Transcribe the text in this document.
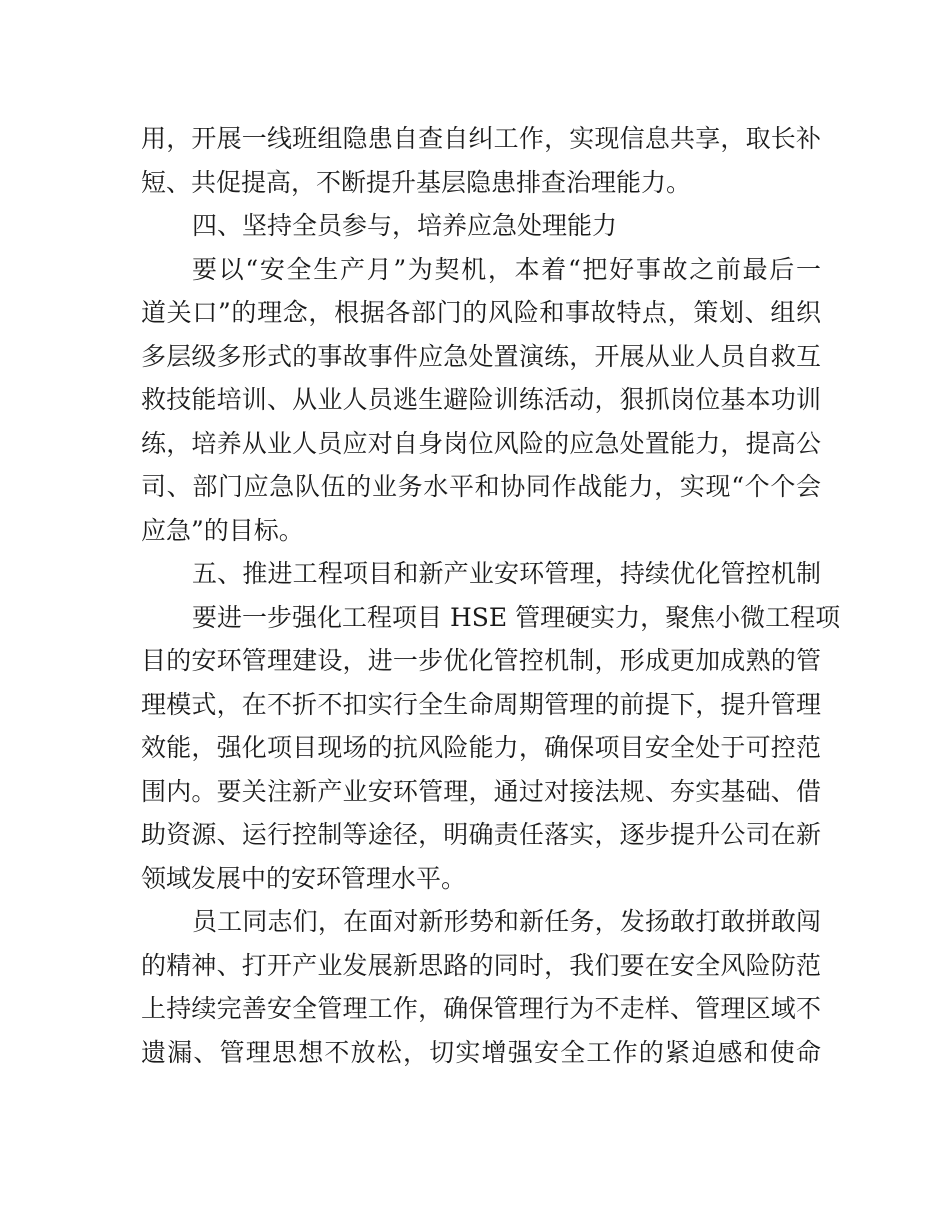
用，开展一线班组隐患自查自纠工作，实现信息共享，取长补
短、共促提高，不断提升基层隐患排查治理能力。
四、坚持全员参与，培养应急处理能力
要以“安全生产月”为契机，本着“把好事故之前最后一
道关口”的理念，根据各部门的风险和事故特点，策划、组织
多层级多形式的事故事件应急处置演练，开展从业人员自救互
救技能培训、从业人员逃生避险训练活动，狠抓岗位基本功训
练，培养从业人员应对自身岗位风险的应急处置能力，提高公
司、部门应急队伍的业务水平和协同作战能力，实现“个个会
应急”的目标。
五、推进工程项目和新产业安环管理，持续优化管控机制
要进一步强化工程项目 HSE 管理硬实力，聚焦小微工程项
目的安环管理建设，进一步优化管控机制，形成更加成熟的管
理模式，在不折不扣实行全生命周期管理的前提下，提升管理
效能，强化项目现场的抗风险能力，确保项目安全处于可控范
围内。要关注新产业安环管理，通过对接法规、夯实基础、借
助资源、运行控制等途径，明确责任落实，逐步提升公司在新
领域发展中的安环管理水平。
员工同志们，在面对新形势和新任务，发扬敢打敢拼敢闯
的精神、打开产业发展新思路的同时，我们要在安全风险防范
上持续完善安全管理工作，确保管理行为不走样、管理区域不
遗漏、管理思想不放松，切实增强安全工作的紧迫感和使命
